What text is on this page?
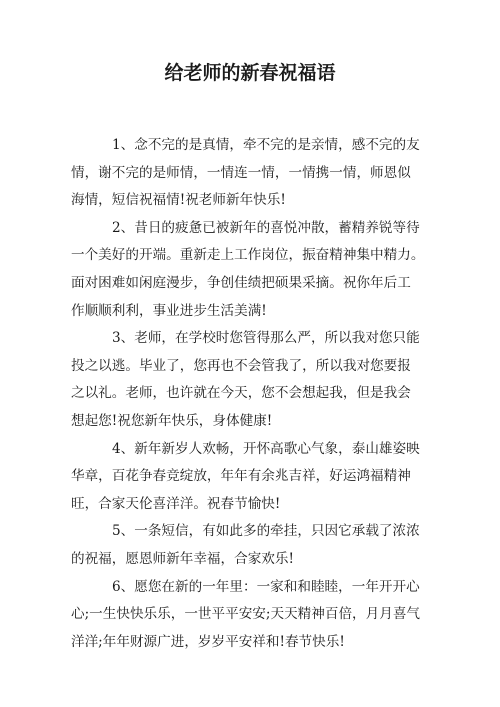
给老师的新春祝福语

1、念不完的是真情，牵不完的是亲情，感不完的友
情，谢不完的是师情，一情连一情，一情携一情，师恩似
海情，短信祝福情!祝老师新年快乐!

2、昔日的疲惫已被新年的喜悦冲散，蓄精养锐等待
一个美好的开端。重新走上工作岗位，振奋精神集中精力。
面对困难如闲庭漫步，争创佳绩把硕果采摘。祝你年后工
作顺顺利利，事业进步生活美满!

3、老师，在学校时您管得那么严，所以我对您只能
投之以逃。毕业了，您再也不会管我了，所以我对您要报
之以礼。老师，也许就在今天，您不会想起我，但是我会
想起您!祝您新年快乐，身体健康!

4、新年新岁人欢畅，开怀高歌心气象，泰山雄姿映
华章，百花争春竞绽放，年年有余兆吉祥，好运鸿福精神
旺，合家天伦喜洋洋。祝春节愉快!

5、一条短信，有如此多的牵挂，只因它承载了浓浓
的祝福，愿恩师新年幸福，合家欢乐!

6、愿您在新的一年里：一家和和睦睦，一年开开心
心;一生快快乐乐，一世平平安安;天天精神百倍，月月喜气
洋洋;年年财源广进，岁岁平安祥和!春节快乐!
